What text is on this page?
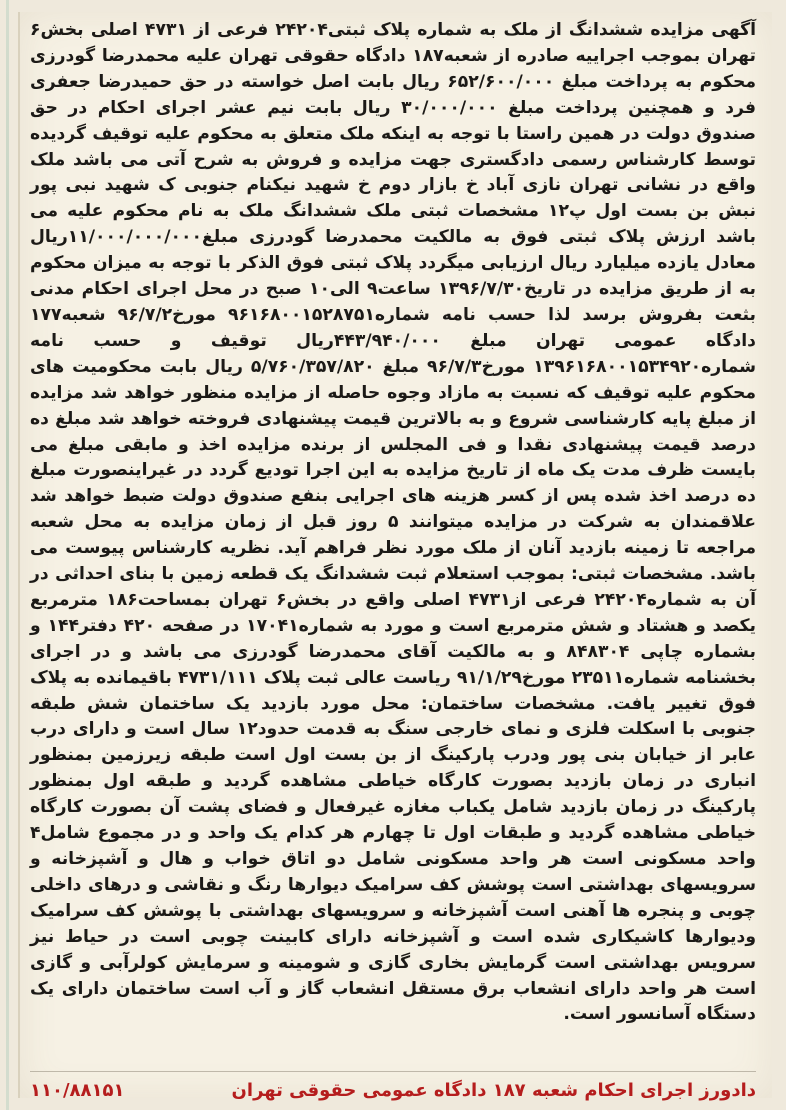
آگهی مزایده ششدانگ از ملک به شماره پلاک ثبتی۲۴۲۰۴ فرعی از ۴۷۳۱ اصلی بخش۶ تهران بموجب اجراییه صادره از شعبه۱۸۷ دادگاه حقوقی تهران علیه محمدرضا گودرزی محکوم به پرداخت مبلغ ۶۵۲/۶۰۰/۰۰۰ ریال بابت اصل خواسته در حق حمیدرضا جعفری فرد و همچنین پرداخت مبلغ ۳۰/۰۰۰/۰۰۰ ریال بابت نیم عشر اجرای احکام در حق صندوق دولت در همین راستا با توجه به اینکه ملک متعلق به محکوم علیه توقیف گردیده توسط کارشناس رسمی دادگستری جهت مزایده و فروش به شرح آتی می باشد ملک واقع در نشانی تهران نازی آباد خ بازار دوم خ شهید نیکنام جنوبی ک شهید نبی پور نبش بن بست اول پ۱۲ مشخصات ثبتی ملک ششدانگ ملک به نام محکوم علیه می باشد ارزش پلاک ثبتی فوق به مالکیت محمدرضا گودرزی مبلغ۱۱/۰۰۰/۰۰۰/۰۰۰ریال معادل یازده میلیارد ریال ارزیابی میگردد پلاک ثبتی فوق الذکر با توجه به میزان محکوم به از طریق مزایده در تاریخ۱۳۹۶/۷/۳۰ ساعت۹ الی۱۰ صبح در محل اجرای احکام مدنی بثعت بفروش برسد لذا حسب نامه شماره۹۶۱۶۸۰۰۱۵۲۸۷۵۱ مورخ۹۶/۷/۲ شعبه۱۷۷ دادگاه عمومی تهران مبلغ ۴۴۳/۹۴۰/۰۰۰ریال توقیف و حسب نامه شماره۱۳۹۶۱۶۸۰۰۱۵۳۴۹۲۰ مورخ۹۶/۷/۳ مبلغ ۵/۷۶۰/۳۵۷/۸۲۰ ریال بابت محکومیت های محکوم علیه توقیف که نسبت به مازاد وجوه حاصله از مزایده منظور خواهد شد مزایده از مبلغ پایه کارشناسی شروع و به بالاترین قیمت پیشنهادی فروخته خواهد شد مبلغ ده درصد قیمت پیشنهادی نقدا و فی المجلس از برنده مزایده اخذ و مابقی مبلغ می بایست ظرف مدت یک ماه از تاریخ مزایده به این اجرا تودیع گردد در غیراینصورت مبلغ ده درصد اخذ شده پس از کسر هزینه های اجرایی بنفع صندوق دولت ضبط خواهد شد علاقمندان به شرکت در مزایده میتوانند ۵ روز قبل از زمان مزایده به محل شعبه مراجعه تا زمینه بازدید آنان از ملک مورد نظر فراهم آید. نظریه کارشناس پیوست می باشد. مشخصات ثبتی: بموجب استعلام ثبت ششدانگ یک قطعه زمین با بنای احداثی در آن به شماره۲۴۲۰۴ فرعی از۴۷۳۱ اصلی واقع در بخش۶ تهران بمساحت۱۸۶ مترمربع یکصد و هشتاد و شش مترمربع است و مورد به شماره۱۷۰۴۱ در صفحه ۴۲۰ دفتر۱۴۴ و بشماره چاپی ۸۴۸۳۰۴ و به مالکیت آقای محمدرضا گودرزی می باشد و در اجرای بخشنامه شماره۲۳۵۱۱ مورخ۹۱/۱/۲۹ ریاست عالی ثبت پلاک ۴۷۳۱/۱۱۱ باقیمانده به پلاک فوق تغییر یافت. مشخصات ساختمان: محل مورد بازدید یک ساختمان شش طبقه جنوبی با اسکلت فلزی و نمای خارجی سنگ به قدمت حدود۱۲ سال است و دارای درب عابر از خیابان بنی پور ودرب پارکینگ از بن بست اول است طبقه زیرزمین بمنظور انباری در زمان بازدید بصورت کارگاه خیاطی مشاهده گردید و طبقه اول بمنظور پارکینگ در زمان بازدید شامل یکباب مغازه غیرفعال و فضای پشت آن بصورت کارگاه خیاطی مشاهده گردید و طبقات اول تا چهارم هر کدام یک واحد و در مجموع شامل۴ واحد مسکونی است هر واحد مسکونی شامل دو اتاق خواب و هال و آشپزخانه و سرویسهای بهداشتی است پوشش کف سرامیک دیوارها رنگ و نقاشی و درهای داخلی چوبی و پنجره ها آهنی است آشپزخانه و سرویسهای بهداشتی با پوشش کف سرامیک ودیوارها کاشیکاری شده است و آشپزخانه دارای کابینت چوبی است در حیاط نیز سرویس بهداشتی است گرمایش بخاری گازی و شومینه و سرمایش کولرآبی و گازی است هر واحد دارای انشعاب برق مستقل انشعاب گاز و آب است ساختمان دارای یک دستگاه آسانسور است.

دادورز اجرای احکام شعبه ۱۸۷ دادگاه عمومی حقوقی تهران
۱۱۰/۸۸۱۵۱
